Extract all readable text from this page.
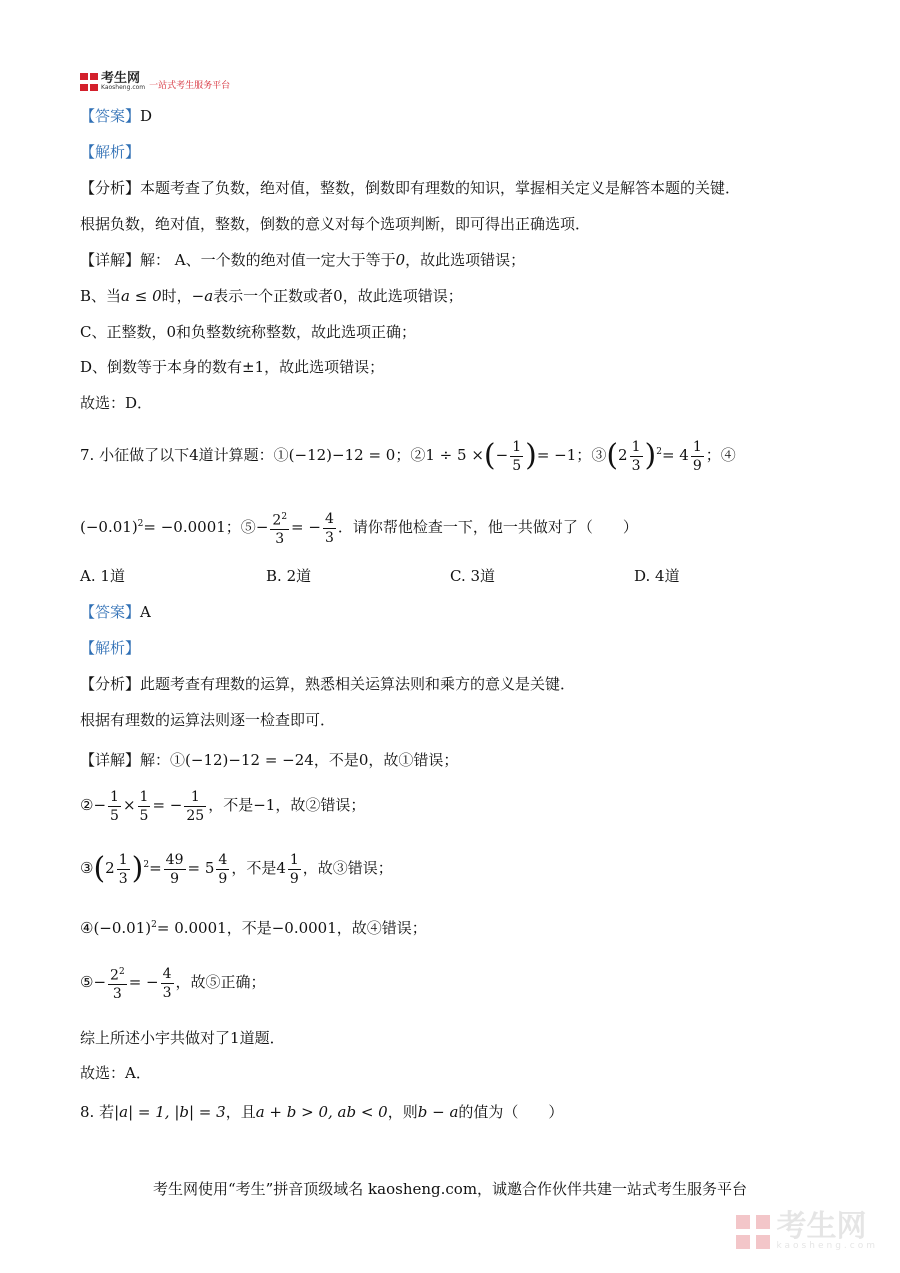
考生网
Kaosheng.com 一站式考生服务平台
【答案】D
【解析】
【分析】本题考查了负数，绝对值，整数，倒数即有理数的知识，掌握相关定义是解答本题的关键．
根据负数，绝对值，整数，倒数的意义对每个选项判断，即可得出正确选项．
【详解】解： A、一个数的绝对值一定大于等于0，故此选项错误；
B、当a ≤ 0时，−a表示一个正数或者0，故此选项错误；
C、正整数，0和负整数统称整数，故此选项正确；
D、倒数等于本身的数有±1，故此选项错误；
故选：D．
7. 小征做了以下4道计算题：①(−12)−12 = 0；②1 ÷ 5 ×(− $\frac{1}{5}$ )= −1；③(2 $\frac{1}{3} )^2= 4 \frac{1}{9}$ ；④
$(-0.01)^2= -0.0001$；⑤− $\frac{2^2}{3}$ = − $\frac{4}{3}$ ．请你帮他检查一下，他一共做对了（　　）
A. 1道	B. 2道	C. 3道	D. 4道
【答案】A
【解析】
【分析】此题考查有理数的运算，熟悉相关运算法则和乘方的意义是关键．
根据有理数的运算法则逐一检查即可．
【详解】解：①(−12)−12 = −24，不是0，故①错误；
②− $\frac{1}{5} \times \frac{1}{5}$ = − $\frac{1}{25}$ ，不是−1，故②错误；
③(2 $\frac{1}{3} )^2= \frac{49}{9} = 5 \frac{4}{9}$ ，不是$4 \frac{1}{9}$ ，故③错误；
$④(-0.01)^2= 0.0001$，不是−0.0001，故④错误；
⑤− $\frac{2^2}{3}$ = − $\frac{4}{3}$ ，故⑤正确；
综上所述小宇共做对了1道题．
故选：A．
8. 若|a| = 1, |b| = 3，且a + b > 0, ab < 0，则b − a的值为（　　）
考生网使用“考生”拼音顶级域名 kaosheng.com，诚邀合作伙伴共建一站式考生服务平台
考生网
kaosheng.com
